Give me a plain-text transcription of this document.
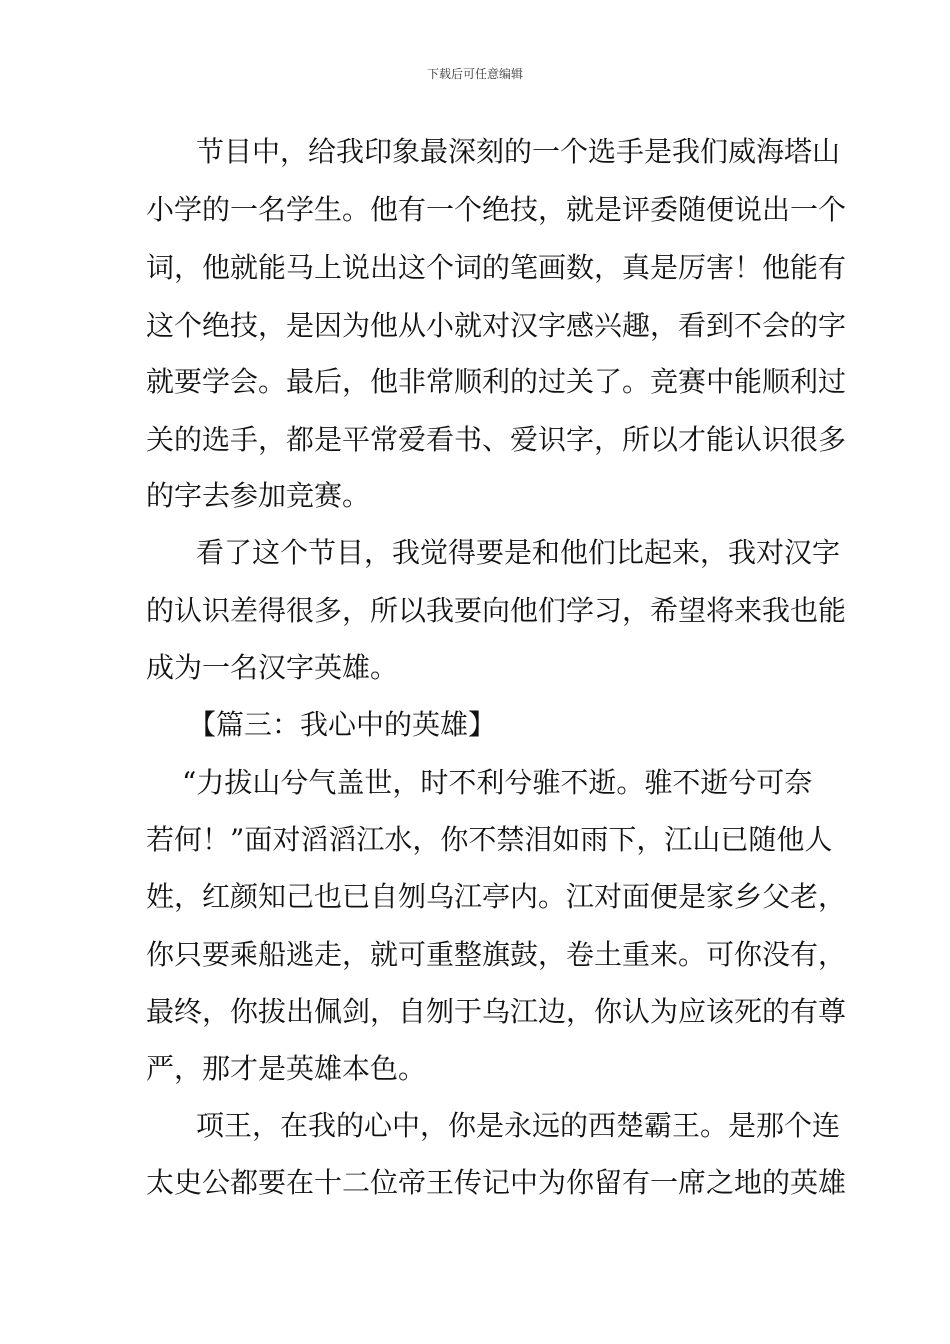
下载后可任意编辑
节目中，给我印象最深刻的一个选手是我们威海塔山
小学的一名学生。他有一个绝技，就是评委随便说出一个
词，他就能马上说出这个词的笔画数，真是厉害！他能有
这个绝技，是因为他从小就对汉字感兴趣，看到不会的字
就要学会。最后，他非常顺利的过关了。竞赛中能顺利过
关的选手，都是平常爱看书、爱识字，所以才能认识很多
的字去参加竞赛。
看了这个节目，我觉得要是和他们比起来，我对汉字
的认识差得很多，所以我要向他们学习，希望将来我也能
成为一名汉字英雄。
【篇三：我心中的英雄】
“力拔山兮气盖世，时不利兮骓不逝。骓不逝兮可奈
若何！”面对滔滔江水，你不禁泪如雨下，江山已随他人
姓，红颜知己也已自刎乌江亭内。江对面便是家乡父老，
你只要乘船逃走，就可重整旗鼓，卷土重来。可你没有，
最终，你拔出佩剑，自刎于乌江边，你认为应该死的有尊
严，那才是英雄本色。
项王，在我的心中，你是永远的西楚霸王。是那个连
太史公都要在十二位帝王传记中为你留有一席之地的英雄
